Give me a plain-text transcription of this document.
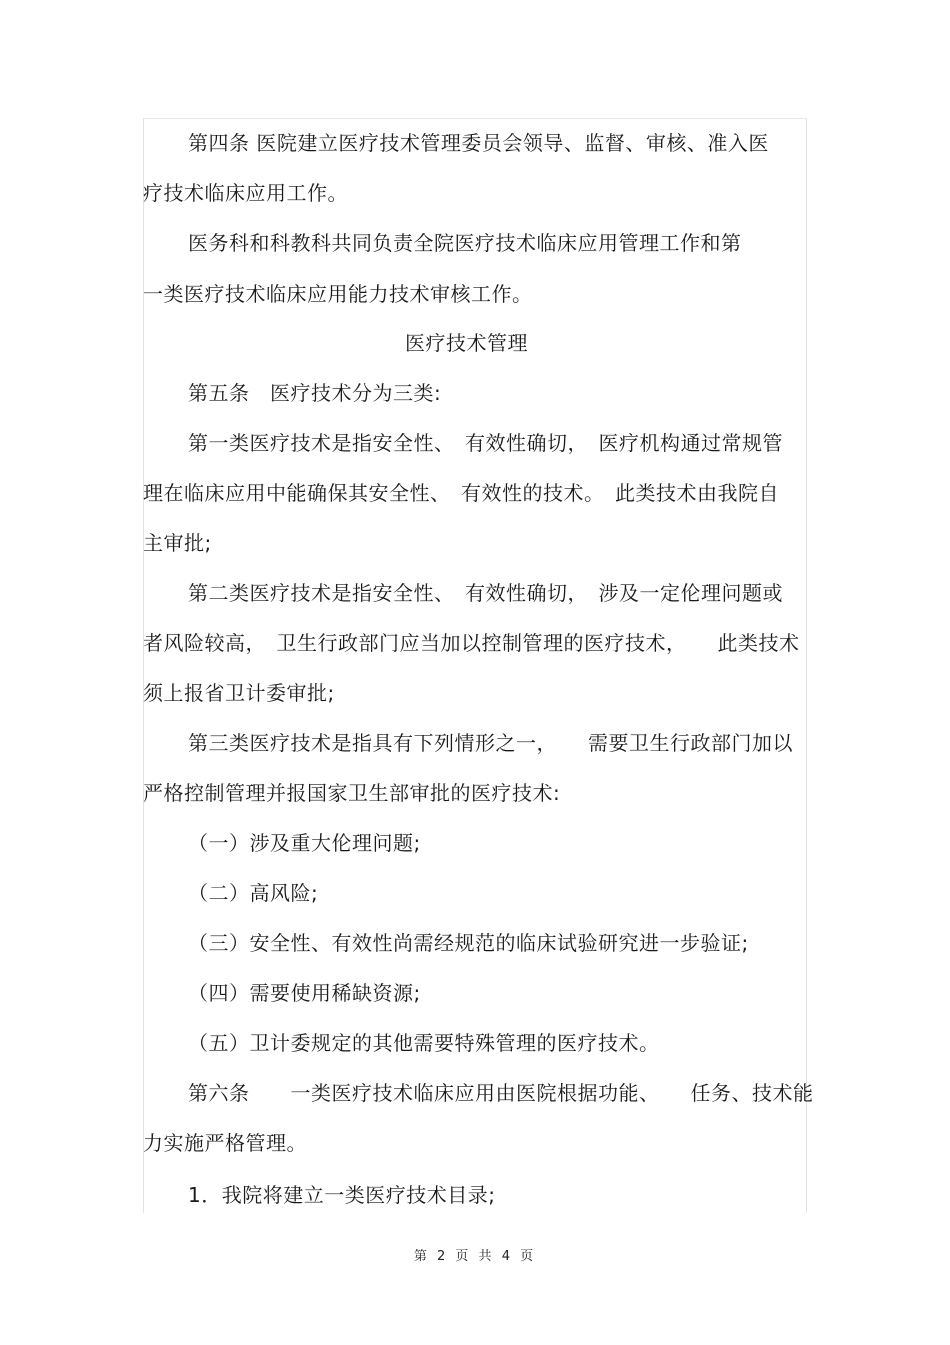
第四条 医院建立医疗技术管理委员会领导、监督、审核、准入医
疗技术临床应用工作。
医务科和科教科共同负责全院医疗技术临床应用管理工作和第
一类医疗技术临床应用能力技术审核工作。
医疗技术管理
第五条　医疗技术分为三类:
第一类医疗技术是指安全性、　有效性确切，　医疗机构通过常规管
理在临床应用中能确保其安全性、　有效性的技术。　此类技术由我院自
主审批;
第二类医疗技术是指安全性、　有效性确切，　涉及一定伦理问题或
者风险较高，　卫生行政部门应当加以控制管理的医疗技术，　　此类技术
须上报省卫计委审批;
第三类医疗技术是指具有下列情形之一，　　需要卫生行政部门加以
严格控制管理并报国家卫生部审批的医疗技术:
（一）涉及重大伦理问题;
（二）高风险;
（三）安全性、有效性尚需经规范的临床试验研究进一步验证;
（四）需要使用稀缺资源;
（五）卫计委规定的其他需要特殊管理的医疗技术。
第六条　　一类医疗技术临床应用由医院根据功能、　　任务、技术能
力实施严格管理。
1．我院将建立一类医疗技术目录;
第 2 页 共 4 页
